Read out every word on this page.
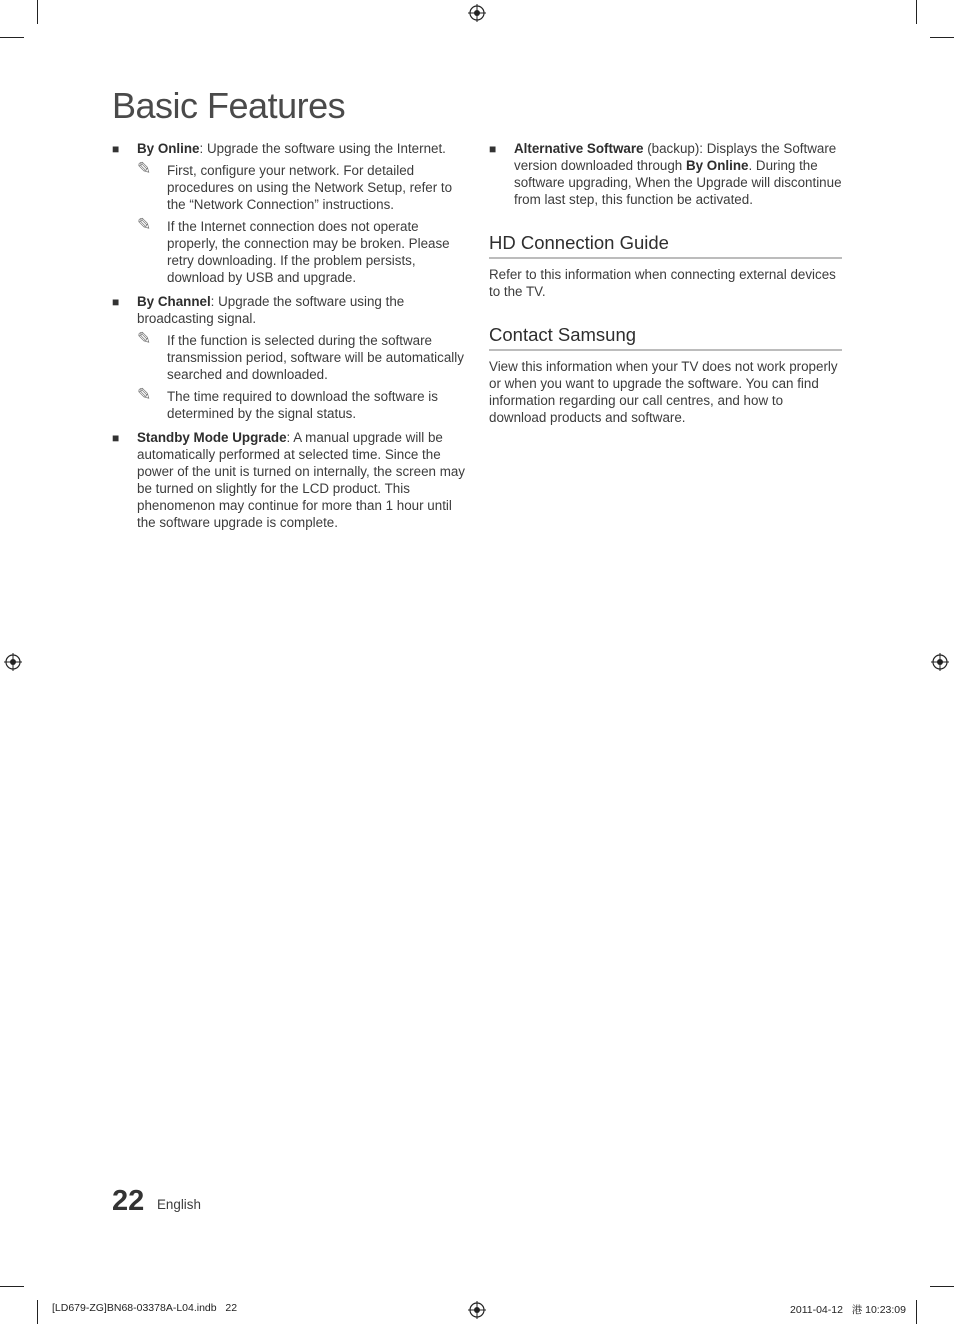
Basic Features
■ By Online: Upgrade the software using the Internet.
✎ First, configure your network. For detailed procedures on using the Network Setup, refer to the “Network Connection” instructions.
✎ If the Internet connection does not operate properly, the connection may be broken. Please retry downloading. If the problem persists, download by USB and upgrade.
■ By Channel: Upgrade the software using the broadcasting signal.
✎ If the function is selected during the software transmission period, software will be automatically searched and downloaded.
✎ The time required to download the software is determined by the signal status.
■ Standby Mode Upgrade: A manual upgrade will be automatically performed at selected time. Since the power of the unit is turned on internally, the screen may be turned on slightly for the LCD product. This phenomenon may continue for more than 1 hour until the software upgrade is complete.
■ Alternative Software (backup): Displays the Software version downloaded through By Online. During the software upgrading, When the Upgrade will discontinue from last step, this function be activated.
HD Connection Guide

Refer to this information when connecting external devices to the TV.

Contact Samsung

View this information when your TV does not work properly or when you want to upgrade the software. You can find information regarding our call centres, and how to download products and software.

22 English
[LD679-ZG]BN68-03378A-L04.indb   22	2011-04-12   港 10:23:09
